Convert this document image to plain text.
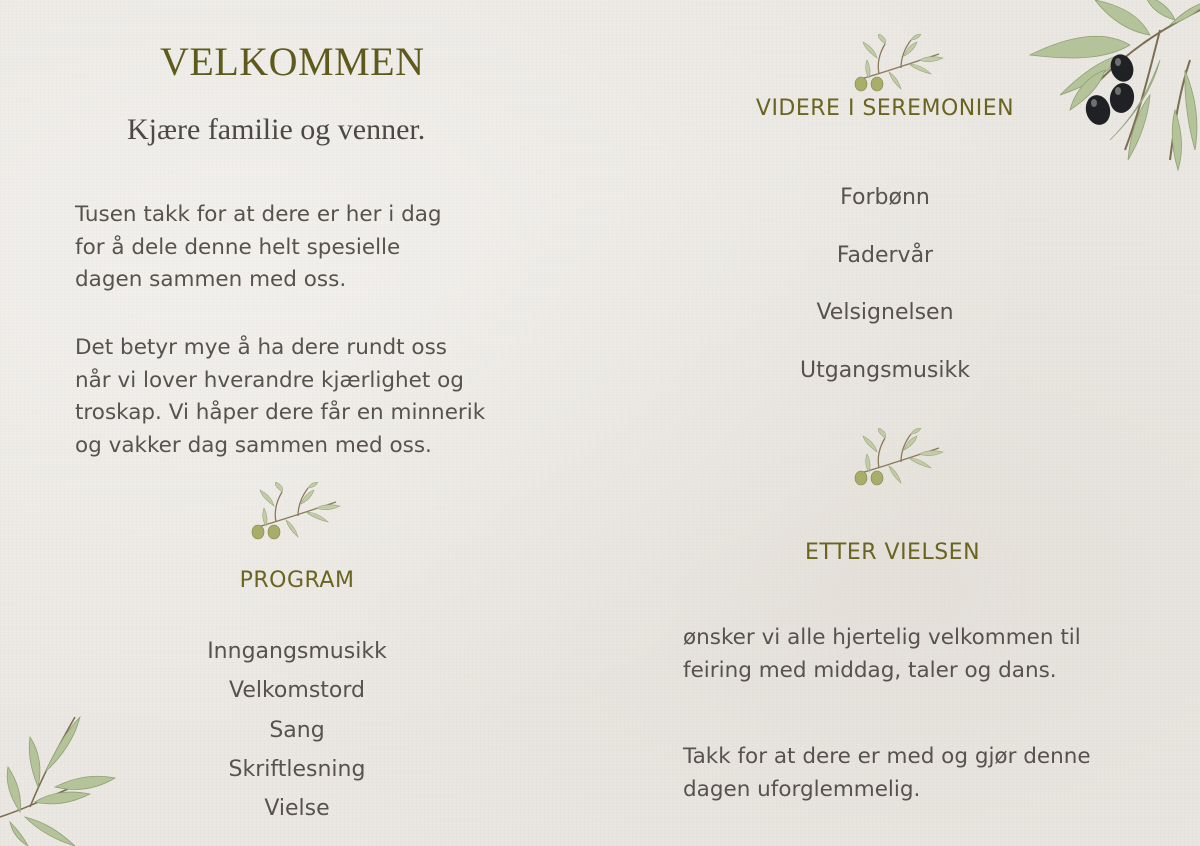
VELKOMMEN
Kjære familie og venner.
Tusen takk for at dere er her i dag
for å dele denne helt spesielle
dagen sammen med oss.
Det betyr mye å ha dere rundt oss
når vi lover hverandre kjærlighet og
troskap. Vi håper dere får en minnerik
og vakker dag sammen med oss.
PROGRAM
Inngangsmusikk
Velkomstord
Sang
Skriftlesning
Vielse
VIDERE I SEREMONIEN
Forbønn
Fadervår
Velsignelsen
Utgangsmusikk
ETTER VIELSEN
ønsker vi alle hjertelig velkommen til
feiring med middag, taler og dans.
Takk for at dere er med og gjør denne
dagen uforglemmelig.
